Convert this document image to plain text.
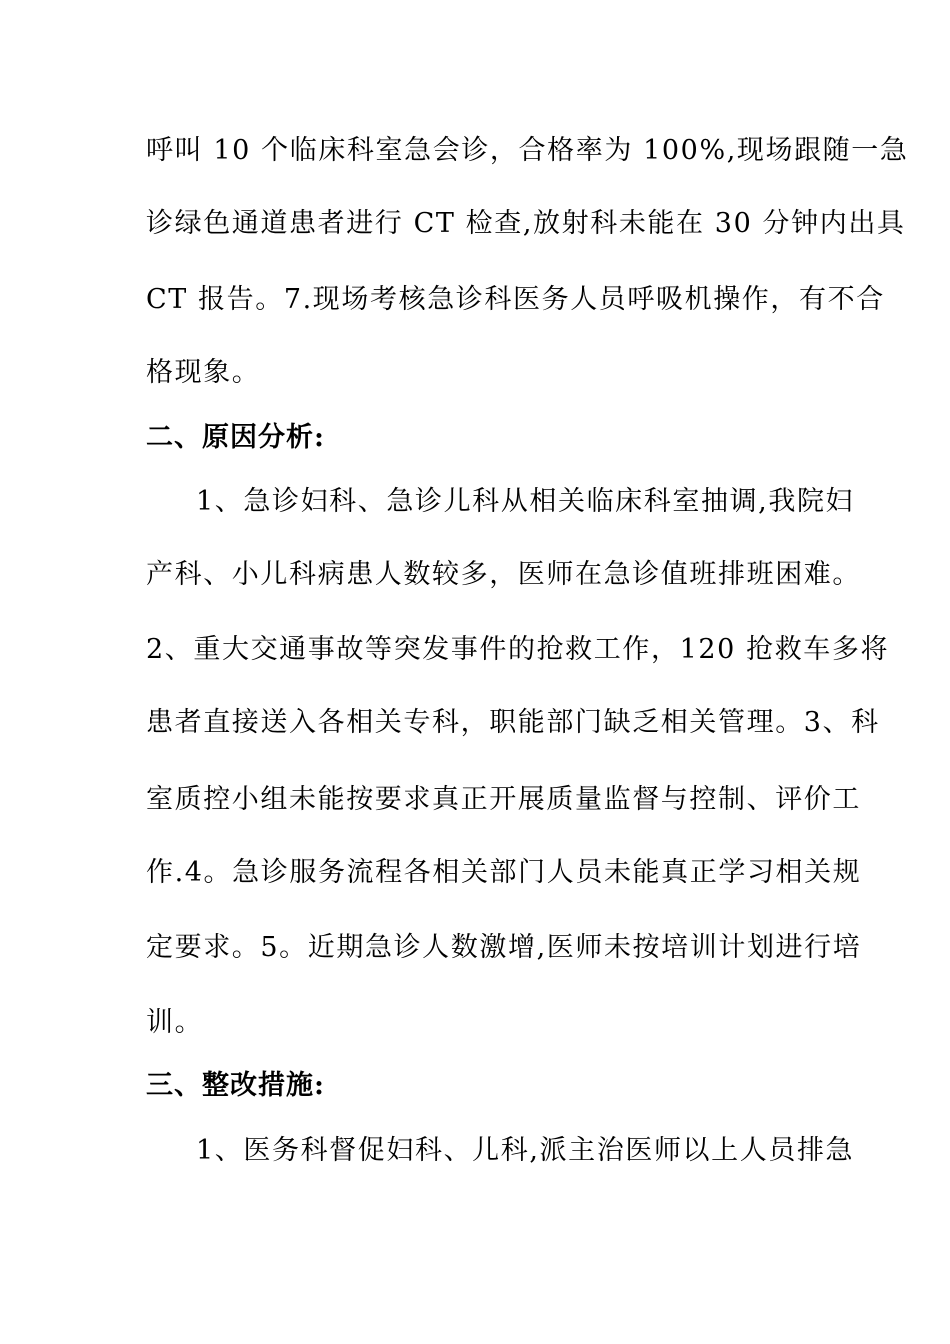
呼叫 10 个临床科室急会诊，合格率为 100%,现场跟随一急
诊绿色通道患者进行 CT 检查,放射科未能在 30 分钟内出具
CT 报告。7.现场考核急诊科医务人员呼吸机操作，有不合
格现象。
二、原因分析:
1、急诊妇科、急诊儿科从相关临床科室抽调,我院妇
产科、小儿科病患人数较多，医师在急诊值班排班困难。
2、重大交通事故等突发事件的抢救工作，120 抢救车多将
患者直接送入各相关专科，职能部门缺乏相关管理。3、科
室质控小组未能按要求真正开展质量监督与控制、评价工
作.4。急诊服务流程各相关部门人员未能真正学习相关规
定要求。5。近期急诊人数激增,医师未按培训计划进行培
训。
三、整改措施:
1、医务科督促妇科、儿科,派主治医师以上人员排急
